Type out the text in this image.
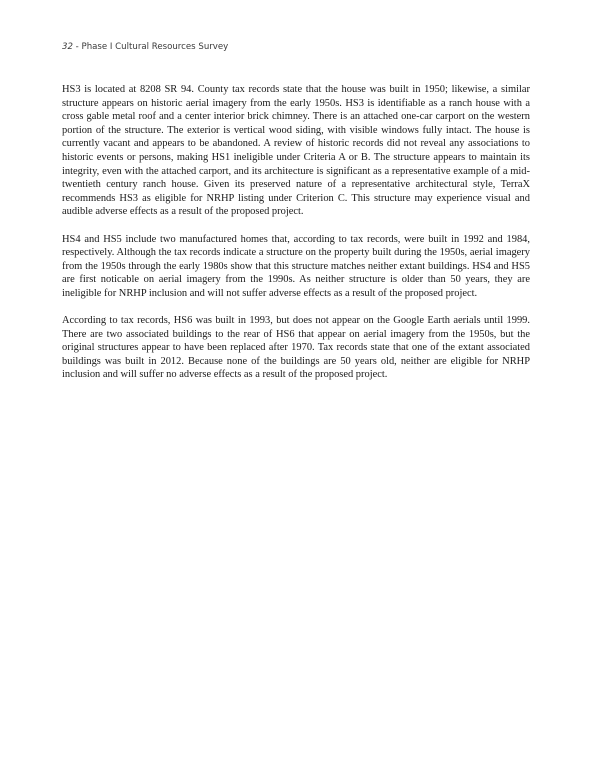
32 - Phase I Cultural Resources Survey

HS3 is located at 8208 SR 94. County tax records state that the house was built in 1950; likewise, a similar structure appears on historic aerial imagery from the early 1950s. HS3 is identifiable as a ranch house with a cross gable metal roof and a center interior brick chimney. There is an attached one-car carport on the western portion of the structure. The exterior is vertical wood siding, with visible windows fully intact. The house is currently vacant and appears to be abandoned. A review of historic records did not reveal any associations to historic events or persons, making HS1 ineligible under Criteria A or B. The structure appears to maintain its integrity, even with the attached carport, and its architecture is significant as a representative example of a mid-twentieth century ranch house. Given its preserved nature of a representative architectural style, TerraX recommends HS3 as eligible for NRHP listing under Criterion C. This structure may experience visual and audible adverse effects as a result of the proposed project.

HS4 and HS5 include two manufactured homes that, according to tax records, were built in 1992 and 1984, respectively. Although the tax records indicate a structure on the property built during the 1950s, aerial imagery from the 1950s through the early 1980s show that this structure matches neither extant buildings. HS4 and HS5 are first noticable on aerial imagery from the 1990s. As neither structure is older than 50 years, they are ineligible for NRHP inclusion and will not suffer adverse effects as a result of the proposed project.

According to tax records, HS6 was built in 1993, but does not appear on the Google Earth aerials until 1999. There are two associated buildings to the rear of HS6 that appear on aerial imagery from the 1950s, but the original structures appear to have been replaced after 1970. Tax records state that one of the extant associated buildings was built in 2012. Because none of the buildings are 50 years old, neither are eligible for NRHP inclusion and will suffer no adverse effects as a result of the proposed project.
